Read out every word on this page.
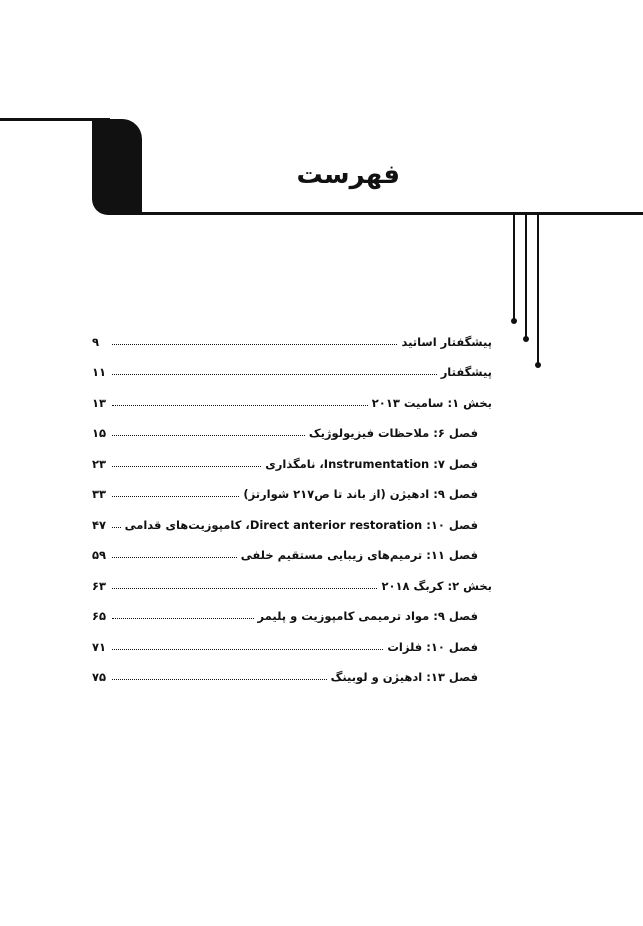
فهرست
پیشگفتار اساتید
۹
پیشگفتار
۱۱
بخش ۱: سامیت ۲۰۱۳
۱۳
فصل ۶: ملاحظات فیزیولوژیک
۱۵
فصل ۷: Instrumentation، نامگذاری
۲۳
فصل ۹: ادهیژن (از باند تا ص۲۱۷ شوارتز)
۳۳
فصل ۱۰: Direct anterior restoration، کامپوزیت‌های قدامی
۴۷
فصل ۱۱: ترمیم‌های زیبایی مستقیم خلفی
۵۹
بخش ۲: کربگ ۲۰۱۸
۶۳
فصل ۹: مواد ترمیمی کامپوزیت و پلیمر
۶۵
فصل ۱۰: فلزات
۷۱
فصل ۱۳: ادهیژن و لوبینگ
۷۵
